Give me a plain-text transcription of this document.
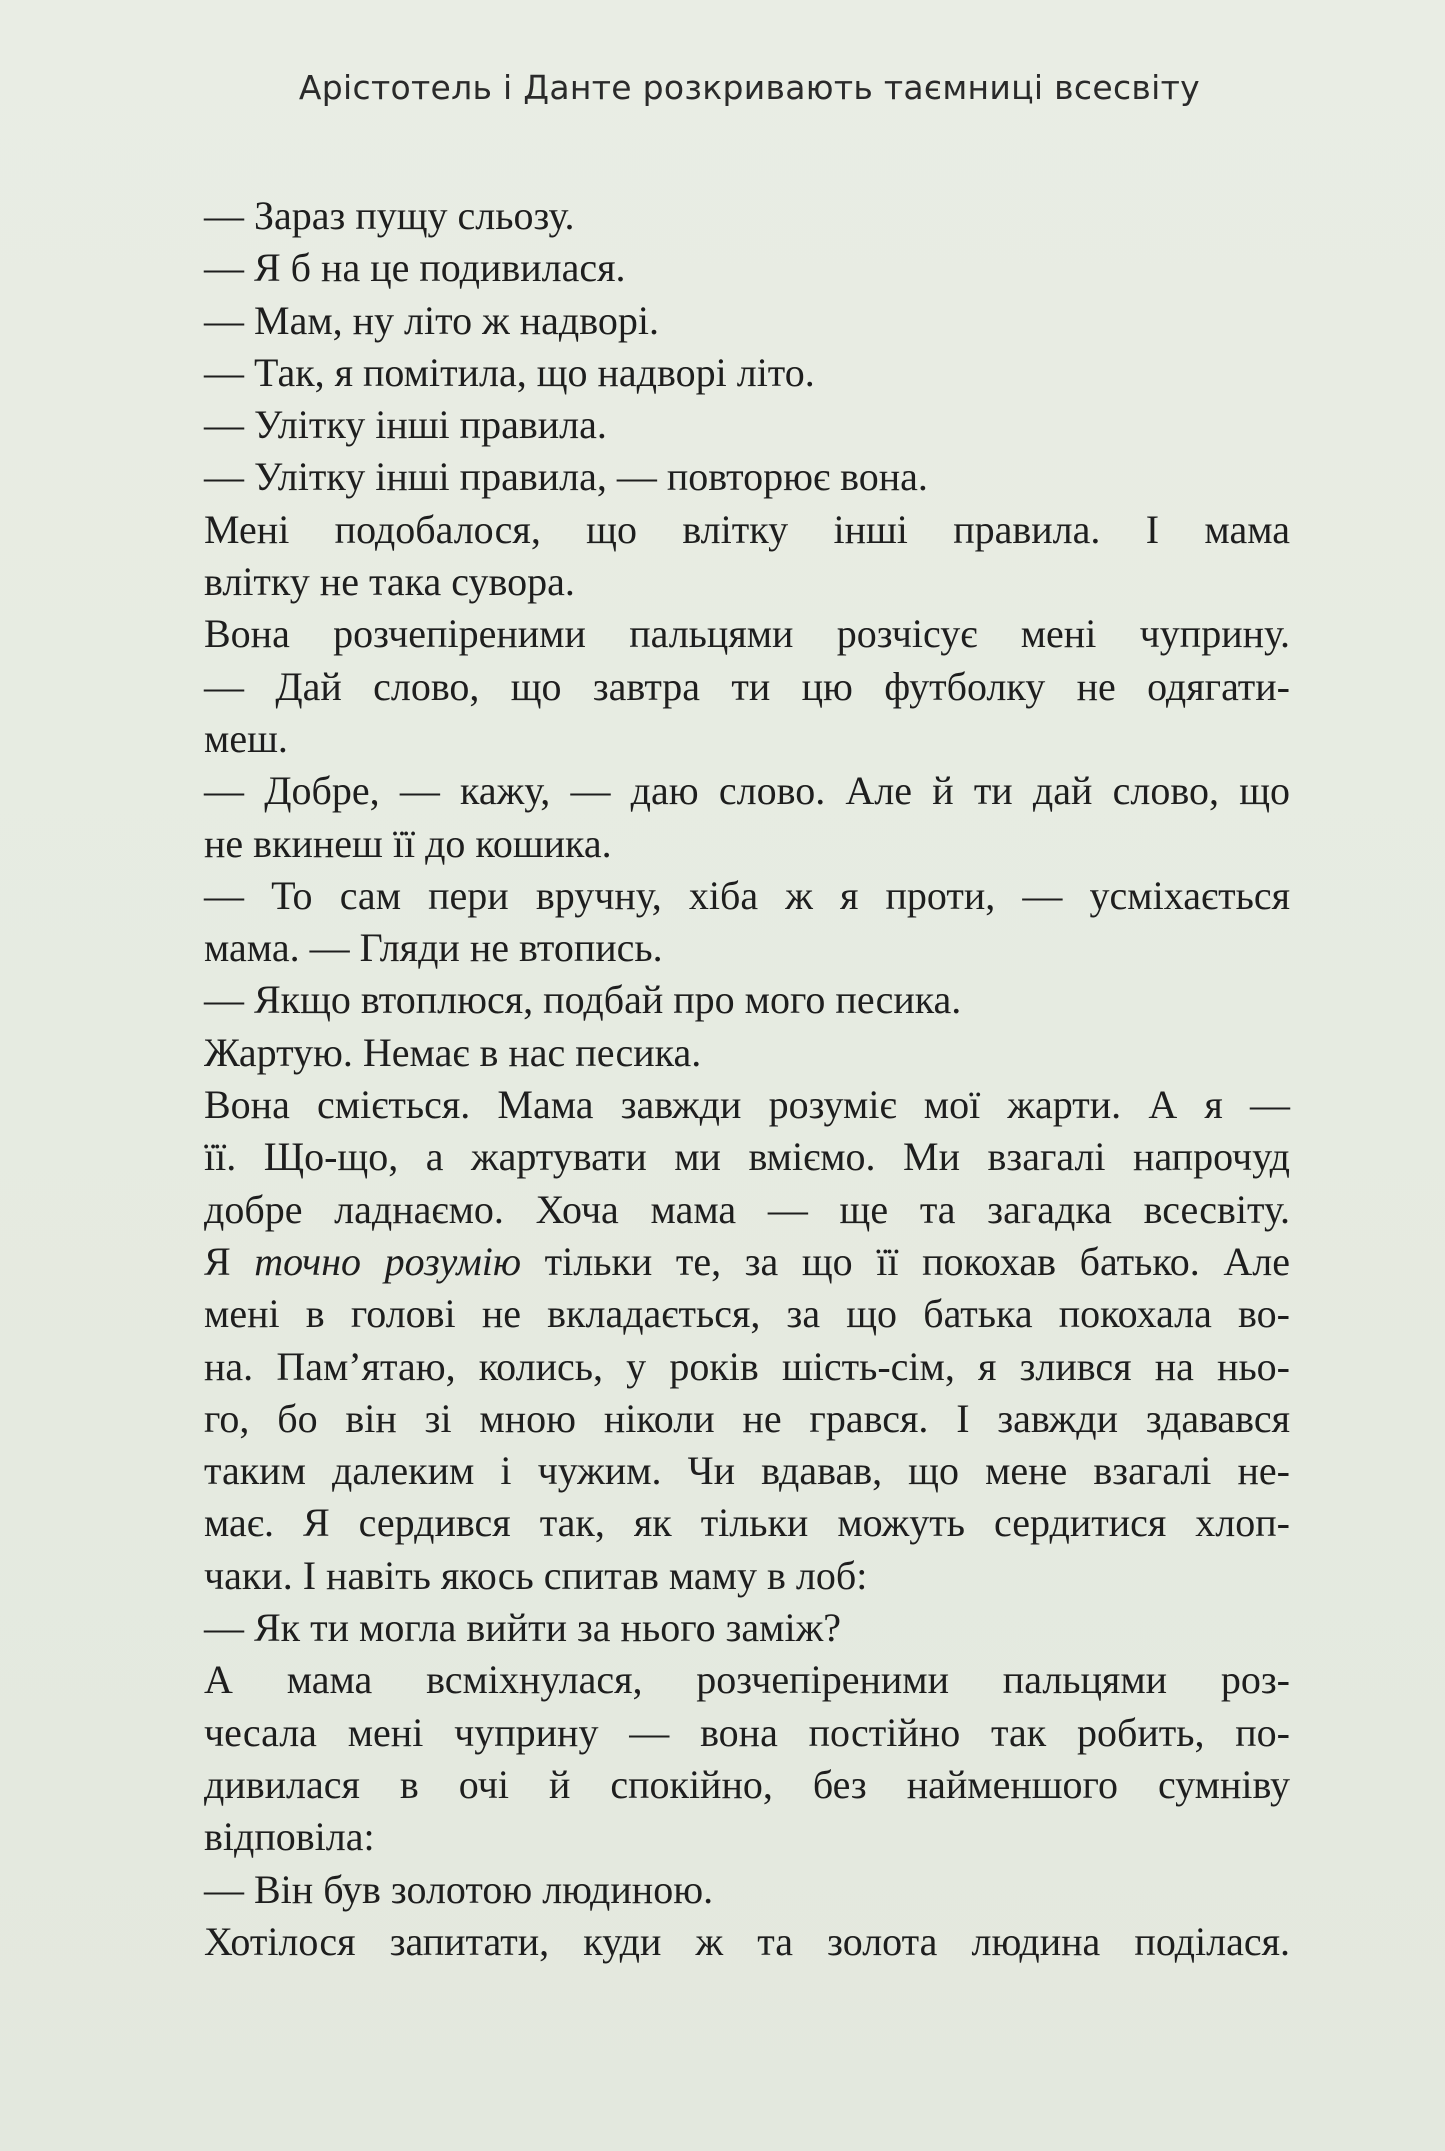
Арістотель і Данте розкривають таємниці всесвіту
— Зараз пущу сльозу.
— Я б на це подивилася.
— Мам, ну літо ж надворі.
— Так, я помітила, що надворі літо.
— Улітку інші правила.
— Улітку інші правила, — повторює вона.
Мені подобалося, що влітку інші правила. І мама
влітку не така сувора.
Вона розчепіреними пальцями розчісує мені чуприну.
— Дай слово, що завтра ти цю футболку не одягати-
меш.
— Добре, — кажу, — даю слово. Але й ти дай слово, що
не вкинеш її до кошика.
— То сам пери вручну, хіба ж я проти, — усміхається
мама. — Гляди не втопись.
— Якщо втоплюся, подбай про мого песика.
Жартую. Немає в нас песика.
Вона сміється. Мама завжди розуміє мої жарти. А я —
її. Що-що, а жартувати ми вміємо. Ми взагалі напрочуд
добре ладнаємо. Хоча мама — ще та загадка всесвіту.
Я точно розумію тільки те, за що її покохав батько. Але
мені в голові не вкладається, за що батька покохала во-
на. Пам’ятаю, колись, у років шість-сім, я злився на ньо-
го, бо він зі мною ніколи не грався. І завжди здавався
таким далеким і чужим. Чи вдавав, що мене взагалі не-
має. Я сердився так, як тільки можуть сердитися хлоп-
чаки. І навіть якось спитав маму в лоб:
— Як ти могла вийти за нього заміж?
А мама всміхнулася, розчепіреними пальцями роз-
чесала мені чуприну — вона постійно так робить, по-
дивилася в очі й спокійно, без найменшого сумніву
відповіла:
— Він був золотою людиною.
Хотілося запитати, куди ж та золота людина поділася.
